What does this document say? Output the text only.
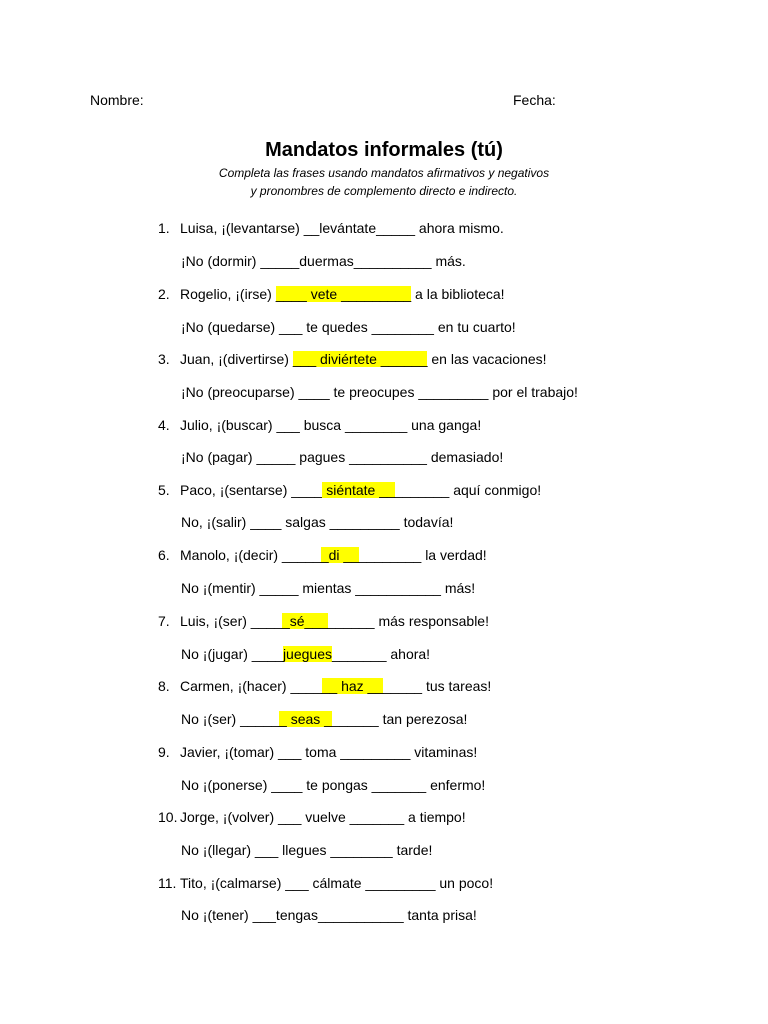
Nombre:	Fecha:
Mandatos informales (tú)
Completa las frases usando mandatos afirmativos y negativos
y pronombres de complemento directo e indirecto.
1. Luisa, ¡(levantarse) __levántate_____ ahora mismo.
¡No (dormir) _____duermas__________ más.
2. Rogelio, ¡(irse) ____ vete _________ a la biblioteca!
¡No (quedarse) ___ te quedes ________ en tu cuarto!
3. Juan, ¡(divertirse) ___ diviértete ______ en las vacaciones!
¡No (preocuparse) ____ te preocupes _________ por el trabajo!
4. Julio, ¡(buscar) ___ busca ________ una ganga!
¡No (pagar) _____ pagues __________ demasiado!
5. Paco, ¡(sentarse) ____ siéntate _________ aquí conmigo!
No, ¡(salir) ____ salgas _________ todavía!
6. Manolo, ¡(decir) ______di __________ la verdad!
No ¡(mentir) _____ mientas ___________ más!
7. Luis, ¡(ser) _____sé_________ más responsable!
No ¡(jugar) ____juegues_______ ahora!
8. Carmen, ¡(hacer) ______ haz _______ tus tareas!
No ¡(ser) ______ seas _______ tan perezosa!
9. Javier, ¡(tomar) ___ toma _________ vitaminas!
No ¡(ponerse) ____ te pongas _______ enfermo!
10. Jorge, ¡(volver) ___ vuelve _______ a tiempo!
No ¡(llegar) ___ llegues ________ tarde!
11. Tito, ¡(calmarse) ___ cálmate _________ un poco!
No ¡(tener) ___tengas___________ tanta prisa!
